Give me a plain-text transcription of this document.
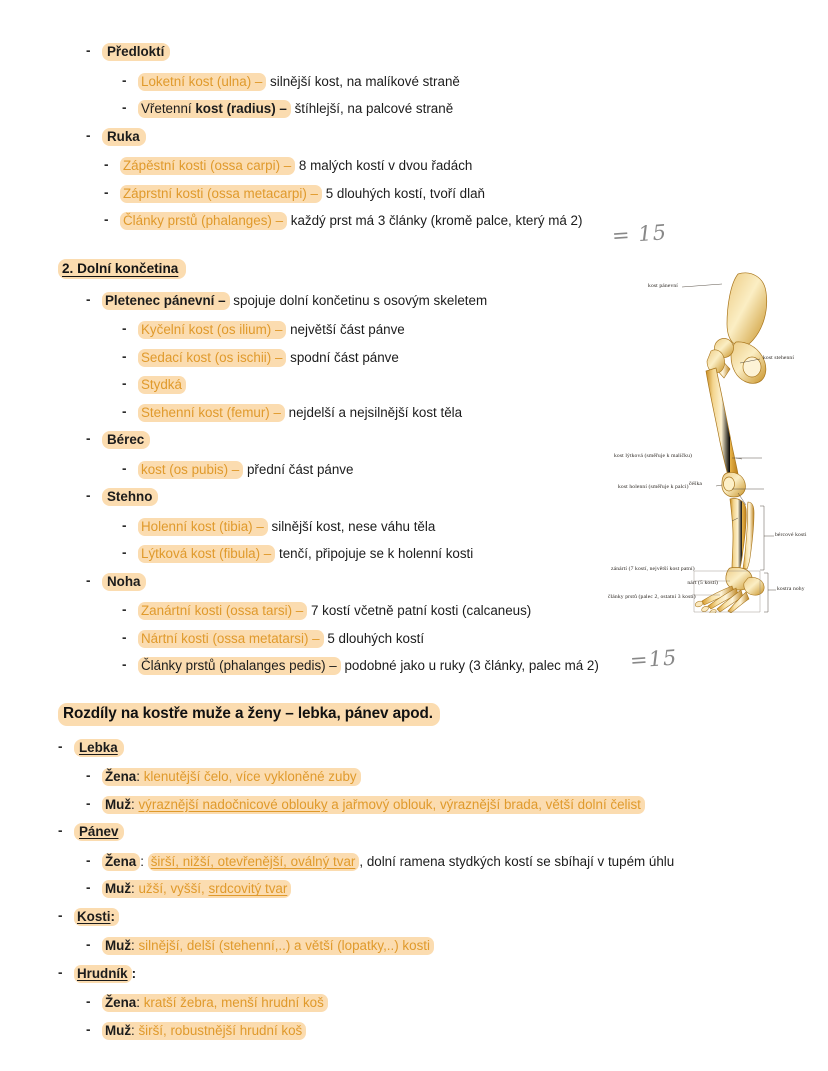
-	Předloktí
-	Loketní kost (ulna) – silnější kost, na malíkové straně
-	Vřetenní kost (radius) – štíhlejší, na palcové straně
-	Ruka
-	Zápěstní kosti (ossa carpi) – 8 malých kostí v dvou řadách
-	Záprstní kosti (ossa metacarpi) – 5 dlouhých kostí, tvoří dlaň
-	Články prstů (phalanges) – každý prst má 3 články (kromě palce, který má 2)
2. Dolní končetina
-	Pletenec pánevní – spojuje dolní končetinu s osovým skeletem
-	Kyčelní kost (os ilium) – největší část pánve
-	Sedací kost (os ischii) – spodní část pánve
-	Stydká
-	Stehenní kost (femur) – nejdelší a nejsilnější kost těla
-	Bérec
-	kost (os pubis) – přední část pánve
-	Stehno
-	Holenní kost (tibia) – silnější kost, nese váhu těla
-	Lýtková kost (fibula) – tenčí, připojuje se k holenní kosti
-	Noha
-	Zanártní kosti (ossa tarsi) – 7 kostí včetně patní kosti (calcaneus)
-	Nártní kosti (ossa metatarsi) – 5 dlouhých kostí
-	Články prstů (phalanges pedis) – podobné jako u ruky (3 články, palec má 2)
Rozdíly na kostře muže a ženy – lebka, pánev apod.
-	Lebka
-	Žena: klenutější čelo, více vykloněné zuby
-	Muž: výraznější nadočnicové oblouky a jařmový oblouk, výraznější brada, větší dolní čelist
-	Pánev
-	Žena : širší, nižší, otevřenější, oválný tvar , dolní ramena stydkých kostí se sbíhají v tupém úhlu
-	Muž: užší, vyšší, srdcovitý tvar
-	Kosti:
-	Muž: silnější, delší (stehenní,..) a větší (lopatky,..) kosti
-	Hrudník :
-	Žena: kratší žebra, menší hrudní koš
-	Muž: širší, robustnější hrudní koš
= 15
=15
kost pánevní
kost stehenní
čéška
kost lýtková (směřuje k malíčku)
kost holenní (směřuje k palci)
zánártí (7 kostí, největší kost patní)
nárt (5 kostí)
články prstů (palec 2, ostatní 3 kostí)
bércové kosti
kostra nohy
